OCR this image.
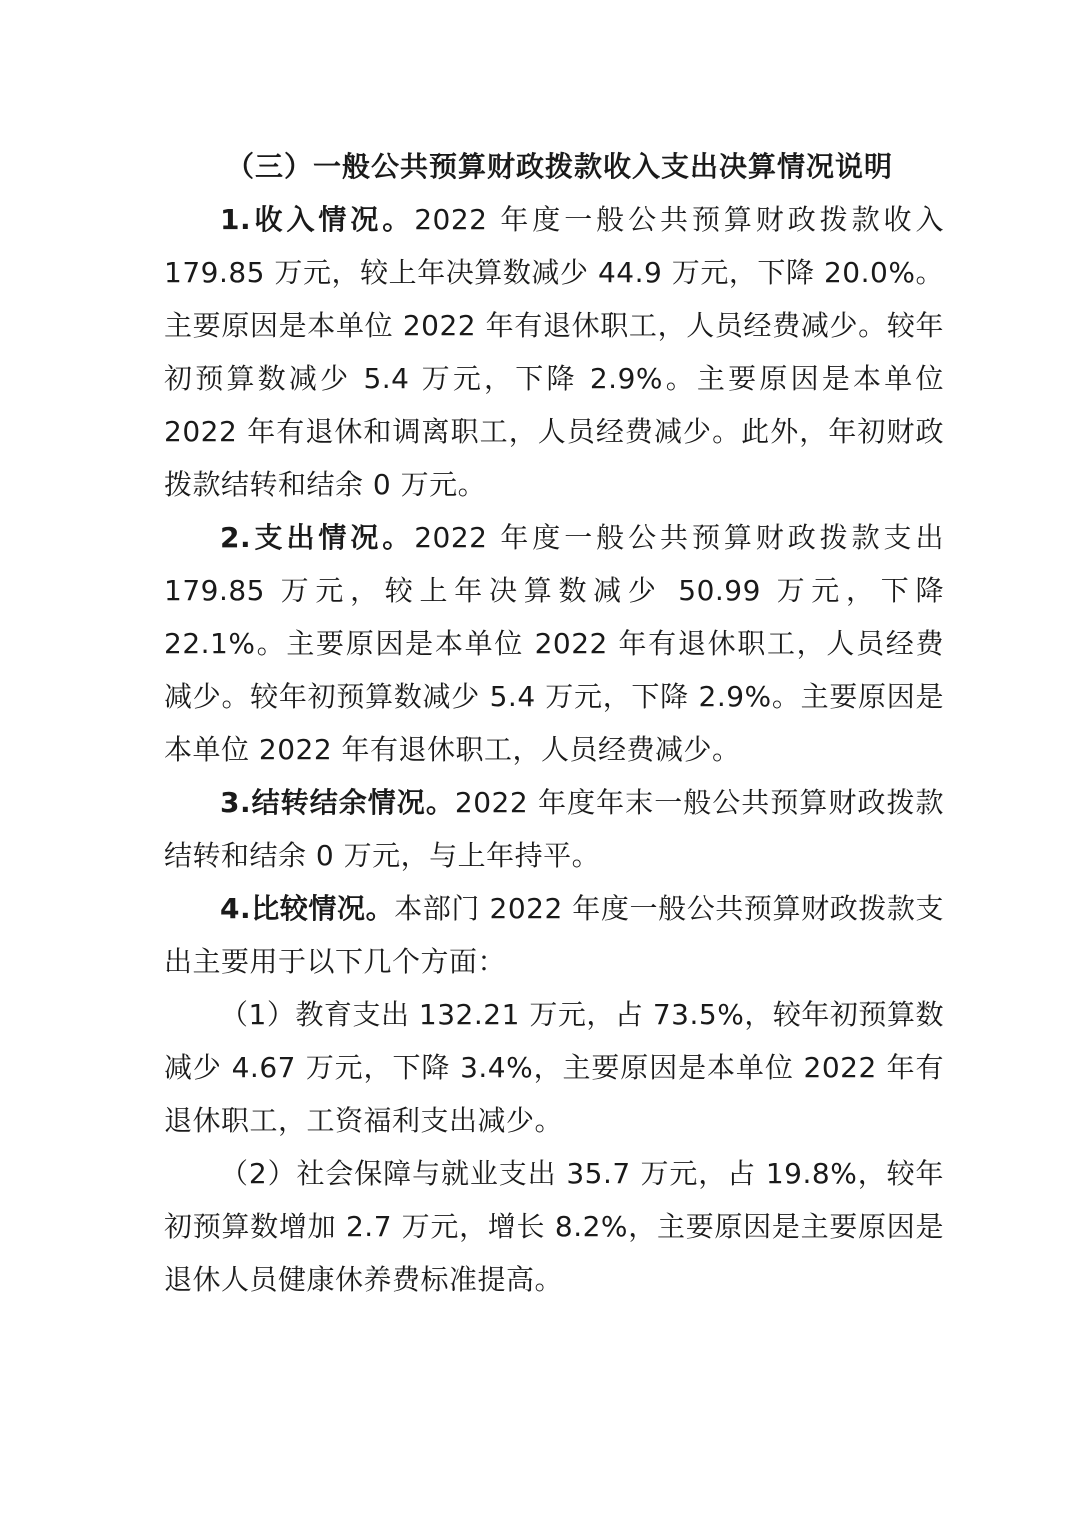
（三）一般公共预算财政拨款收入支出决算情况说明

1.收入情况。2022 年度一般公共预算财政拨款收入 179.85 万元，较上年决算数减少 44.9 万元，下降 20.0%。主要原因是本单位 2022 年有退休职工，人员经费减少。较年初预算数减少 5.4 万元，下降 2.9%。主要原因是本单位 2022 年有退休和调离职工，人员经费减少。此外，年初财政拨款结转和结余 0 万元。

2.支出情况。2022 年度一般公共预算财政拨款支出 179.85 万元，较上年决算数减少 50.99 万元，下降 22.1%。主要原因是本单位 2022 年有退休职工，人员经费减少。较年初预算数减少 5.4 万元，下降 2.9%。主要原因是本单位 2022 年有退休职工，人员经费减少。

3.结转结余情况。2022 年度年末一般公共预算财政拨款结转和结余 0 万元，与上年持平。

4.比较情况。本部门 2022 年度一般公共预算财政拨款支出主要用于以下几个方面：

（1）教育支出 132.21 万元，占 73.5%，较年初预算数减少 4.67 万元，下降 3.4%，主要原因是本单位 2022 年有退休职工，工资福利支出减少。

（2）社会保障与就业支出 35.7 万元，占 19.8%，较年初预算数增加 2.7 万元，增长 8.2%，主要原因是主要原因是退休人员健康休养费标准提高。
